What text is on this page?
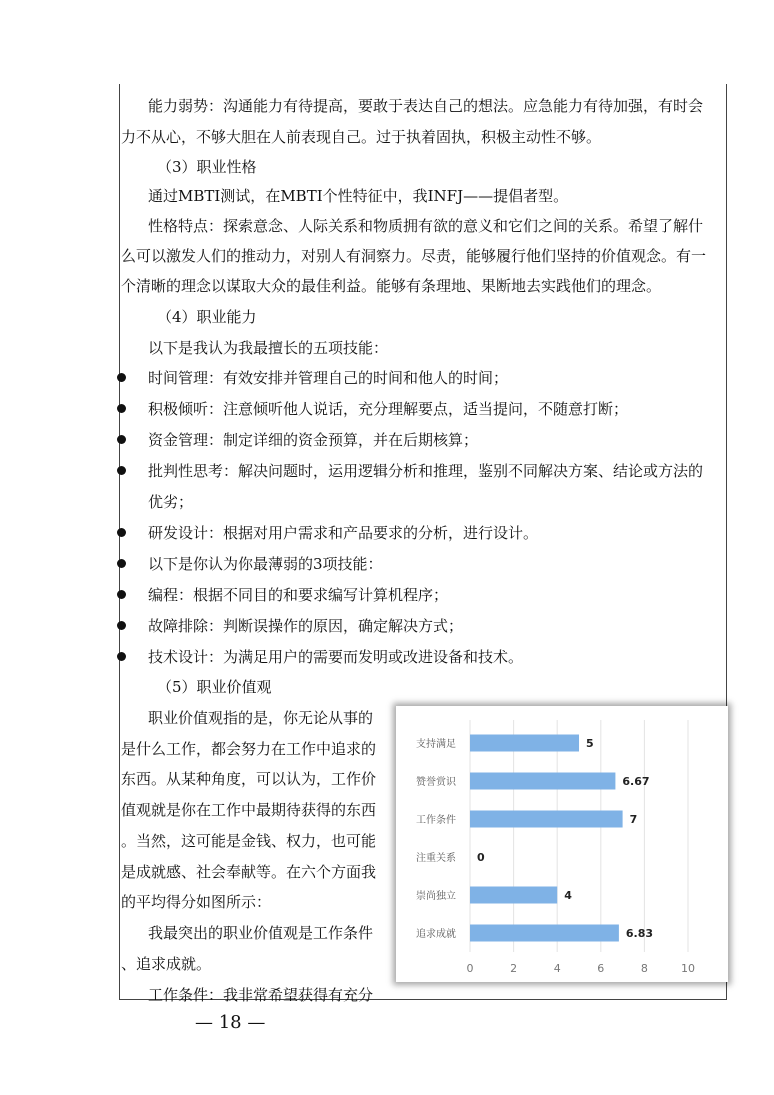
能力弱势：沟通能力有待提高，要敢于表达自己的想法。应急能力有待加强，有时会
力不从心，不够大胆在人前表现自己。过于执着固执，积极主动性不够。
（3）职业性格
通过MBTI测试，在MBTI个性特征中，我INFJ——提倡者型。
性格特点：探索意念、人际关系和物质拥有欲的意义和它们之间的关系。希望了解什
么可以激发人们的推动力，对别人有洞察力。尽责，能够履行他们坚持的价值观念。有一
个清晰的理念以谋取大众的最佳利益。能够有条理地、果断地去实践他们的理念。
（4）职业能力
以下是我认为我最擅长的五项技能：
时间管理：有效安排并管理自己的时间和他人的时间；
积极倾听：注意倾听他人说话，充分理解要点，适当提问，不随意打断；
资金管理：制定详细的资金预算，并在后期核算；
批判性思考：解决问题时，运用逻辑分析和推理，鉴别不同解决方案、结论或方法的
优劣；
研发设计：根据对用户需求和产品要求的分析，进行设计。
以下是你认为你最薄弱的3项技能：
编程：根据不同目的和要求编写计算机程序；
故障排除：判断误操作的原因，确定解决方式；
技术设计：为满足用户的需要而发明或改进设备和技术。
（5）职业价值观
职业价值观指的是，你无论从事的
是什么工作，都会努力在工作中追求的
东西。从某种角度，可以认为，工作价
值观就是你在工作中最期待获得的东西
。当然，这可能是金钱、权力，也可能
是成就感、社会奉献等。在六个方面我
的平均得分如图所示：
我最突出的职业价值观是工作条件
、追求成就。
工作条件：我非常希望获得有充分
0	2	4	6	8	10
支持满足	5
赞誉赏识	6.67
工作条件	7
注重关系 0
崇尚独立	4
追求成就	6.83
— 18 —
